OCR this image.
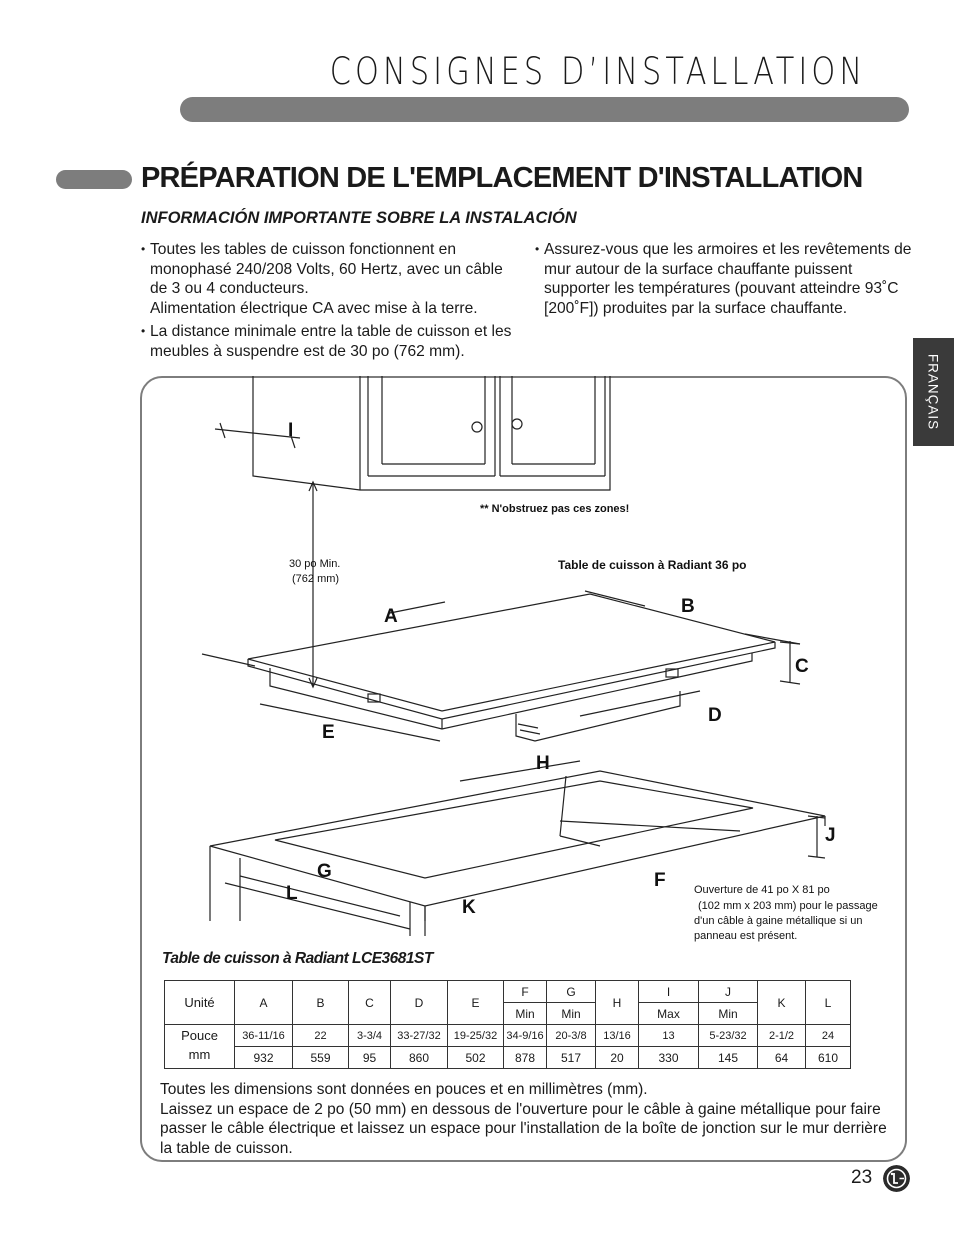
CONSIGNES D’INSTALLATION
PRÉPARATION DE L'EMPLACEMENT D'INSTALLATION
INFORMACIÓN IMPORTANTE SOBRE LA INSTALACIÓN
• Toutes les tables de cuisson fonctionnent en monophasé 240/208 Volts, 60 Hertz, avec un câble de 3 ou 4 conducteurs.
Alimentation électrique CA avec mise à la terre.
• La distance minimale entre la table de cuisson et les meubles à suspendre est de 30 po (762 mm).
• Assurez-vous que les armoires et les revêtements de mur autour de la surface chauffante puissent supporter les températures (pouvant atteindre 93˚C [200˚F]) produites par la surface chauffante.
FRANÇAIS
I
A	B
C
D
E
H
J
G	F
L
K
** N'obstruez pas ces zones!
30 po Min.
(762 mm)
Table de cuisson à Radiant 36 po
Ouverture de 41 po X 81 po
(102 mm x 203 mm) pour le passage
d'un câble à gaine métallique si un
panneau est présent.
Table de cuisson à Radiant LCE3681ST
Unité	A	B	C	D	E	F	G	H	I	J	K	L
						Min	Min		Max	Min		
Pouce	36-11/16	22	3-3/4	33-27/32	19-25/32	34-9/16	20-3/8	13/16	13	5-23/32	2-1/2	24
mm	932	559	95	860	502	878	517	20	330	145	64	610
Toutes les dimensions sont données en pouces et en millimètres (mm).
Laissez un espace de 2 po (50 mm) en dessous de l'ouverture pour le câble à gaine métallique pour faire passer le câble électrique et laissez un espace pour l'installation de la boîte de jonction sur le mur derrière la table de cuisson.
23
